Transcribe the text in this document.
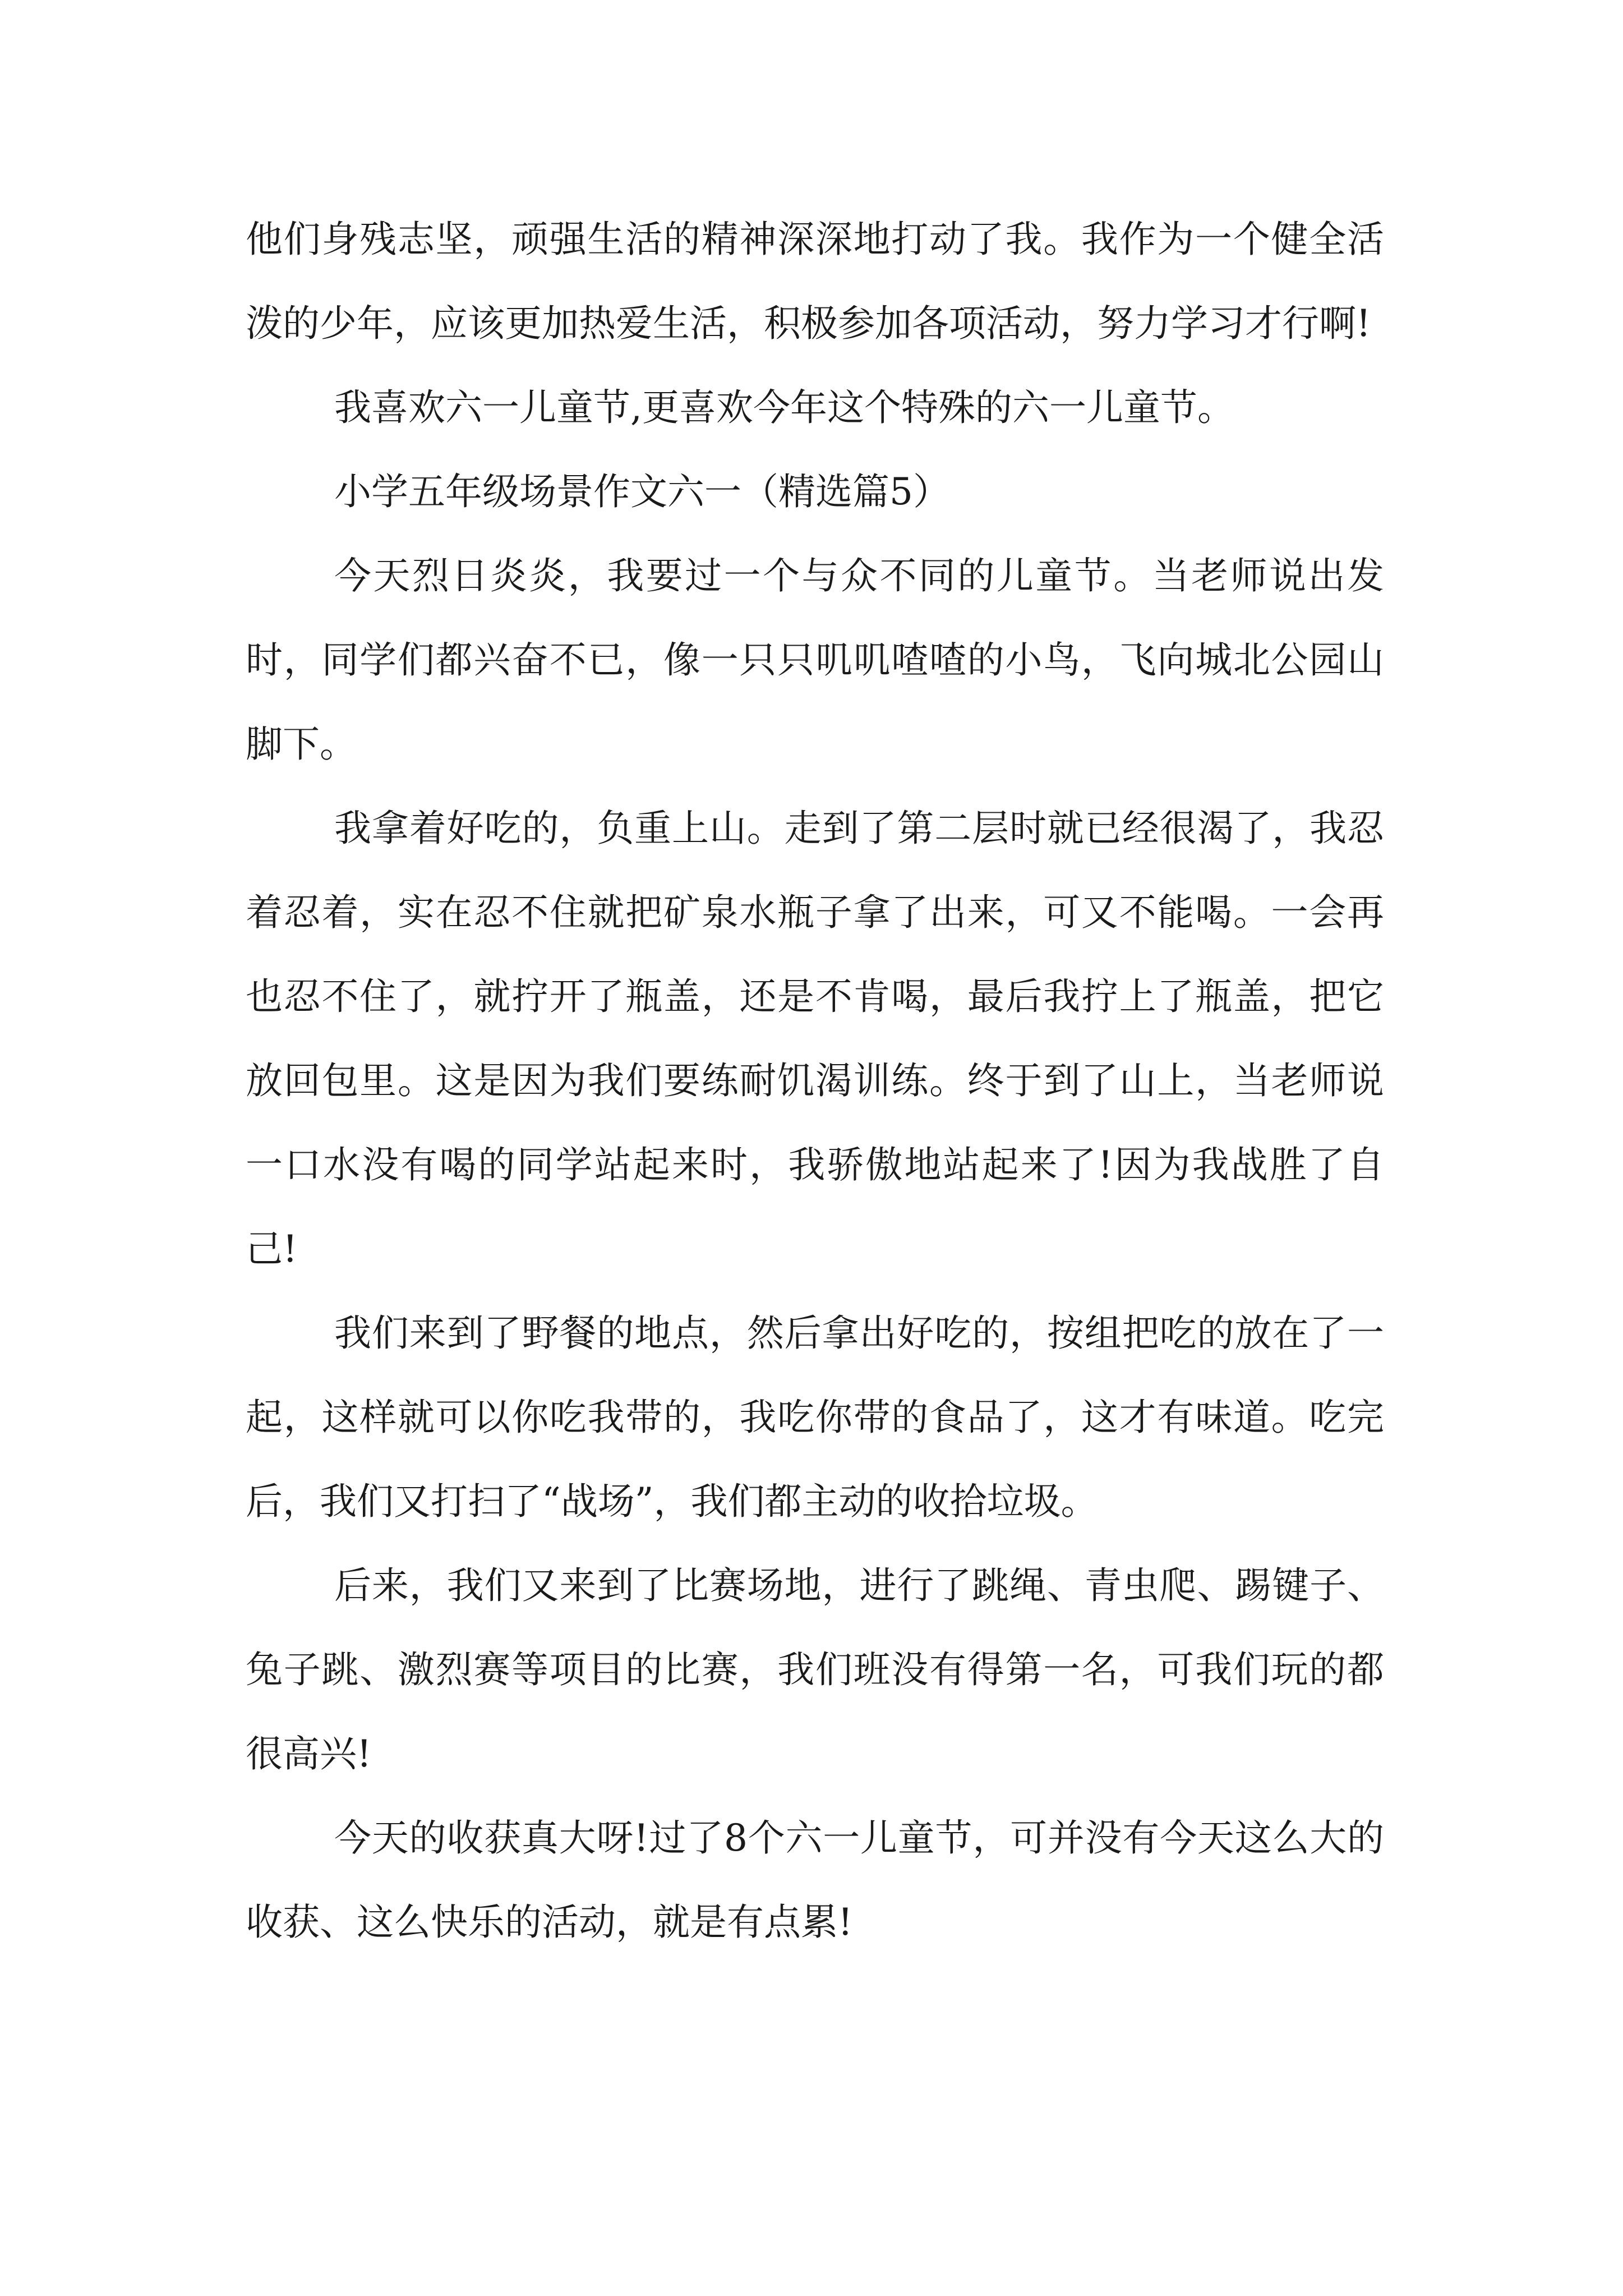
他们身残志坚，顽强生活的精神深深地打动了我。我作为一个健全活泼的少年，应该更加热爱生活，积极参加各项活动，努力学习才行啊!

我喜欢六一儿童节,更喜欢今年这个特殊的六一儿童节。

小学五年级场景作文六一（精选篇5）

今天烈日炎炎，我要过一个与众不同的儿童节。当老师说出发时，同学们都兴奋不已，像一只只叽叽喳喳的小鸟，飞向城北公园山脚下。

我拿着好吃的，负重上山。走到了第二层时就已经很渴了，我忍着忍着，实在忍不住就把矿泉水瓶子拿了出来，可又不能喝。一会再也忍不住了，就拧开了瓶盖，还是不肯喝，最后我拧上了瓶盖，把它放回包里。这是因为我们要练耐饥渴训练。终于到了山上，当老师说一口水没有喝的同学站起来时，我骄傲地站起来了!因为我战胜了自己!

我们来到了野餐的地点，然后拿出好吃的，按组把吃的放在了一起，这样就可以你吃我带的，我吃你带的食品了，这才有味道。吃完后，我们又打扫了“战场”，我们都主动的收拾垃圾。

后来，我们又来到了比赛场地，进行了跳绳、青虫爬、踢键子、兔子跳、激烈赛等项目的比赛，我们班没有得第一名，可我们玩的都很高兴!

今天的收获真大呀!过了8个六一儿童节，可并没有今天这么大的收获、这么快乐的活动，就是有点累!
